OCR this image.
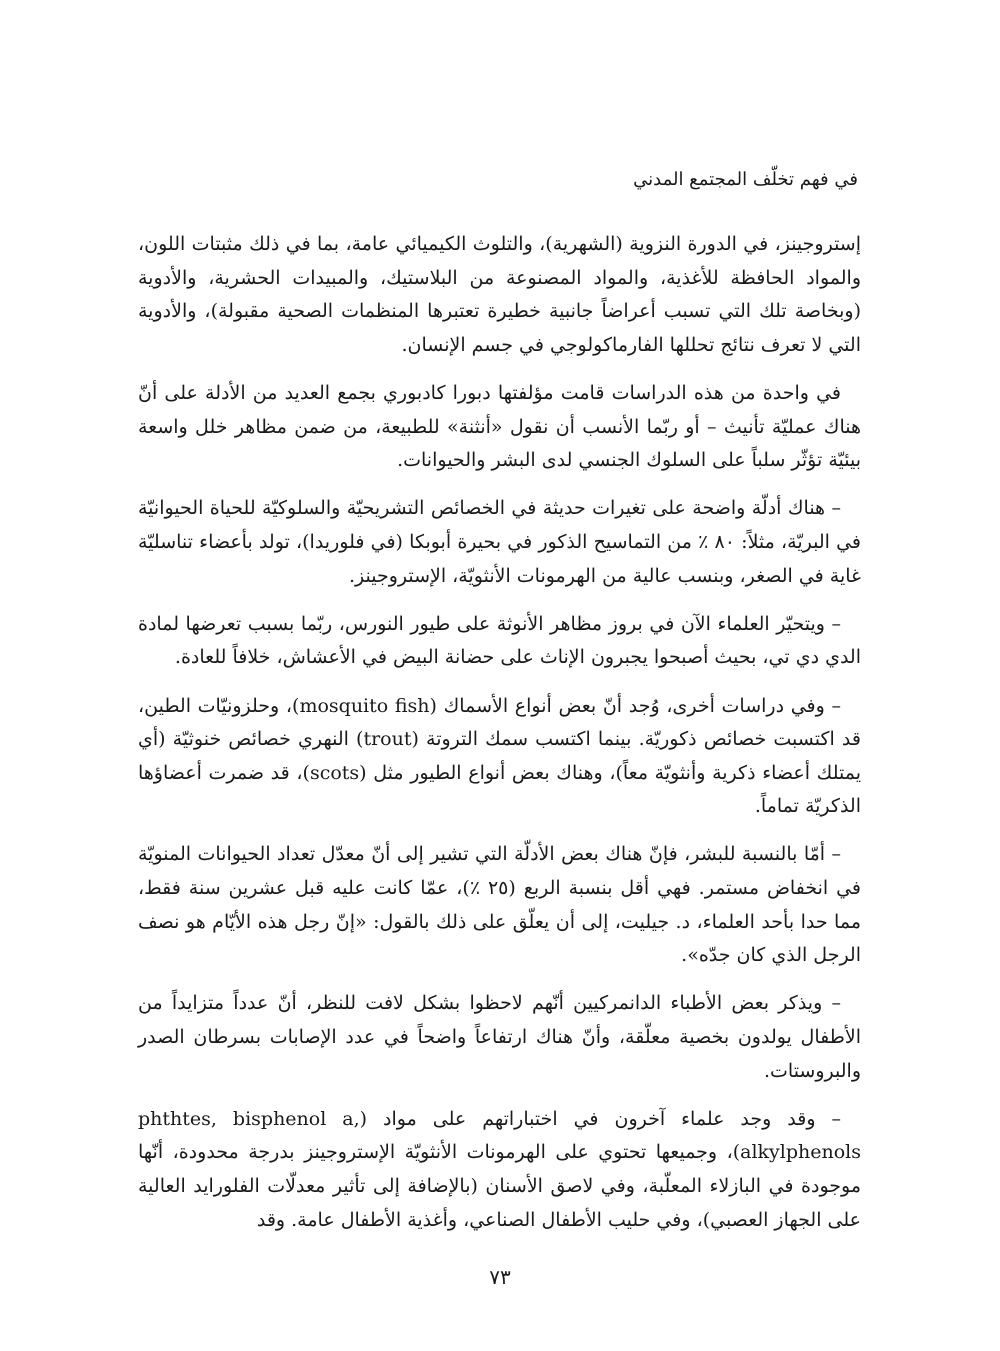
في فهم تخلّف المجتمع المدني

إستروجينز، في الدورة النزوية (الشهرية)، والتلوث الكيميائي عامة، بما في ذلك مثبتات اللون، والمواد الحافظة للأغذية، والمواد المصنوعة من البلاستيك، والمبيدات الحشرية، والأدوية (وبخاصة تلك التي تسبب أعراضاً جانبية خطيرة تعتبرها المنظمات الصحية مقبولة)، والأدوية التي لا تعرف نتائج تحللها الفارماكولوجي في جسم الإنسان.

في واحدة من هذه الدراسات قامت مؤلفتها دبورا كادبوري بجمع العديد من الأدلة على أنّ هناك عمليّة تأنيث – أو ربّما الأنسب أن نقول «أنثنة» للطبيعة، من ضمن مظاهر خلل واسعة بيئيّة تؤثّر سلباً على السلوك الجنسي لدى البشر والحيوانات.

– هناك أدلّة واضحة على تغيرات حديثة في الخصائص التشريحيّة والسلوكيّة للحياة الحيوانيّة في البريّة، مثلاً: ٨٠ ٪ من التماسيح الذكور في بحيرة أبوبكا (في فلوريدا)، تولد بأعضاء تناسليّة غاية في الصغر، وبنسب عالية من الهرمونات الأنثويّة، الإستروجينز.

– ويتحيّر العلماء الآن في بروز مظاهر الأنوثة على طيور النورس، ربّما بسبب تعرضها لمادة الدي دي تي، بحيث أصبحوا يجبرون الإناث على حضانة البيض في الأعشاش، خلافاً للعادة.

– وفي دراسات أخرى، وُجد أنّ بعض أنواع الأسماك (mosquito fish)، وحلزونيّات الطين، قد اكتسبت خصائص ذكوريّة. بينما اكتسب سمك التروتة (trout) النهري خصائص خنوثيّة (أي يمتلك أعضاء ذكرية وأنثويّة معاً)، وهناك بعض أنواع الطيور مثل (scots)، قد ضمرت أعضاؤها الذكريّة تماماً.

– أمّا بالنسبة للبشر، فإنّ هناك بعض الأدلّة التي تشير إلى أنّ معدّل تعداد الحيوانات المنويّة في انخفاض مستمر. فهي أقل بنسبة الربع (٢٥ ٪)، عمّا كانت عليه قبل عشرين سنة فقط، مما حدا بأحد العلماء، د. جيليت، إلى أن يعلّق على ذلك بالقول: «إنّ رجل هذه الأيّام هو نصف الرجل الذي كان جدّه».

– ويذكر بعض الأطباء الدانمركيين أنّهم لاحظوا بشكل لافت للنظر، أنّ عدداً متزايداً من الأطفال يولدون بخصية معلّقة، وأنّ هناك ارتفاعاً واضحاً في عدد الإصابات بسرطان الصدر والبروستات.

– وقد وجد علماء آخرون في اختباراتهم على مواد (phthtes, bisphenol a, alkylphenols)، وجميعها تحتوي على الهرمونات الأنثويّة الإستروجينز بدرجة محدودة، أنّها موجودة في البازلاء المعلّبة، وفي لاصق الأسنان (بالإضافة إلى تأثير معدلّات الفلورايد العالية على الجهاز العصبي)، وفي حليب الأطفال الصناعي، وأغذية الأطفال عامة. وقد

٧٣
